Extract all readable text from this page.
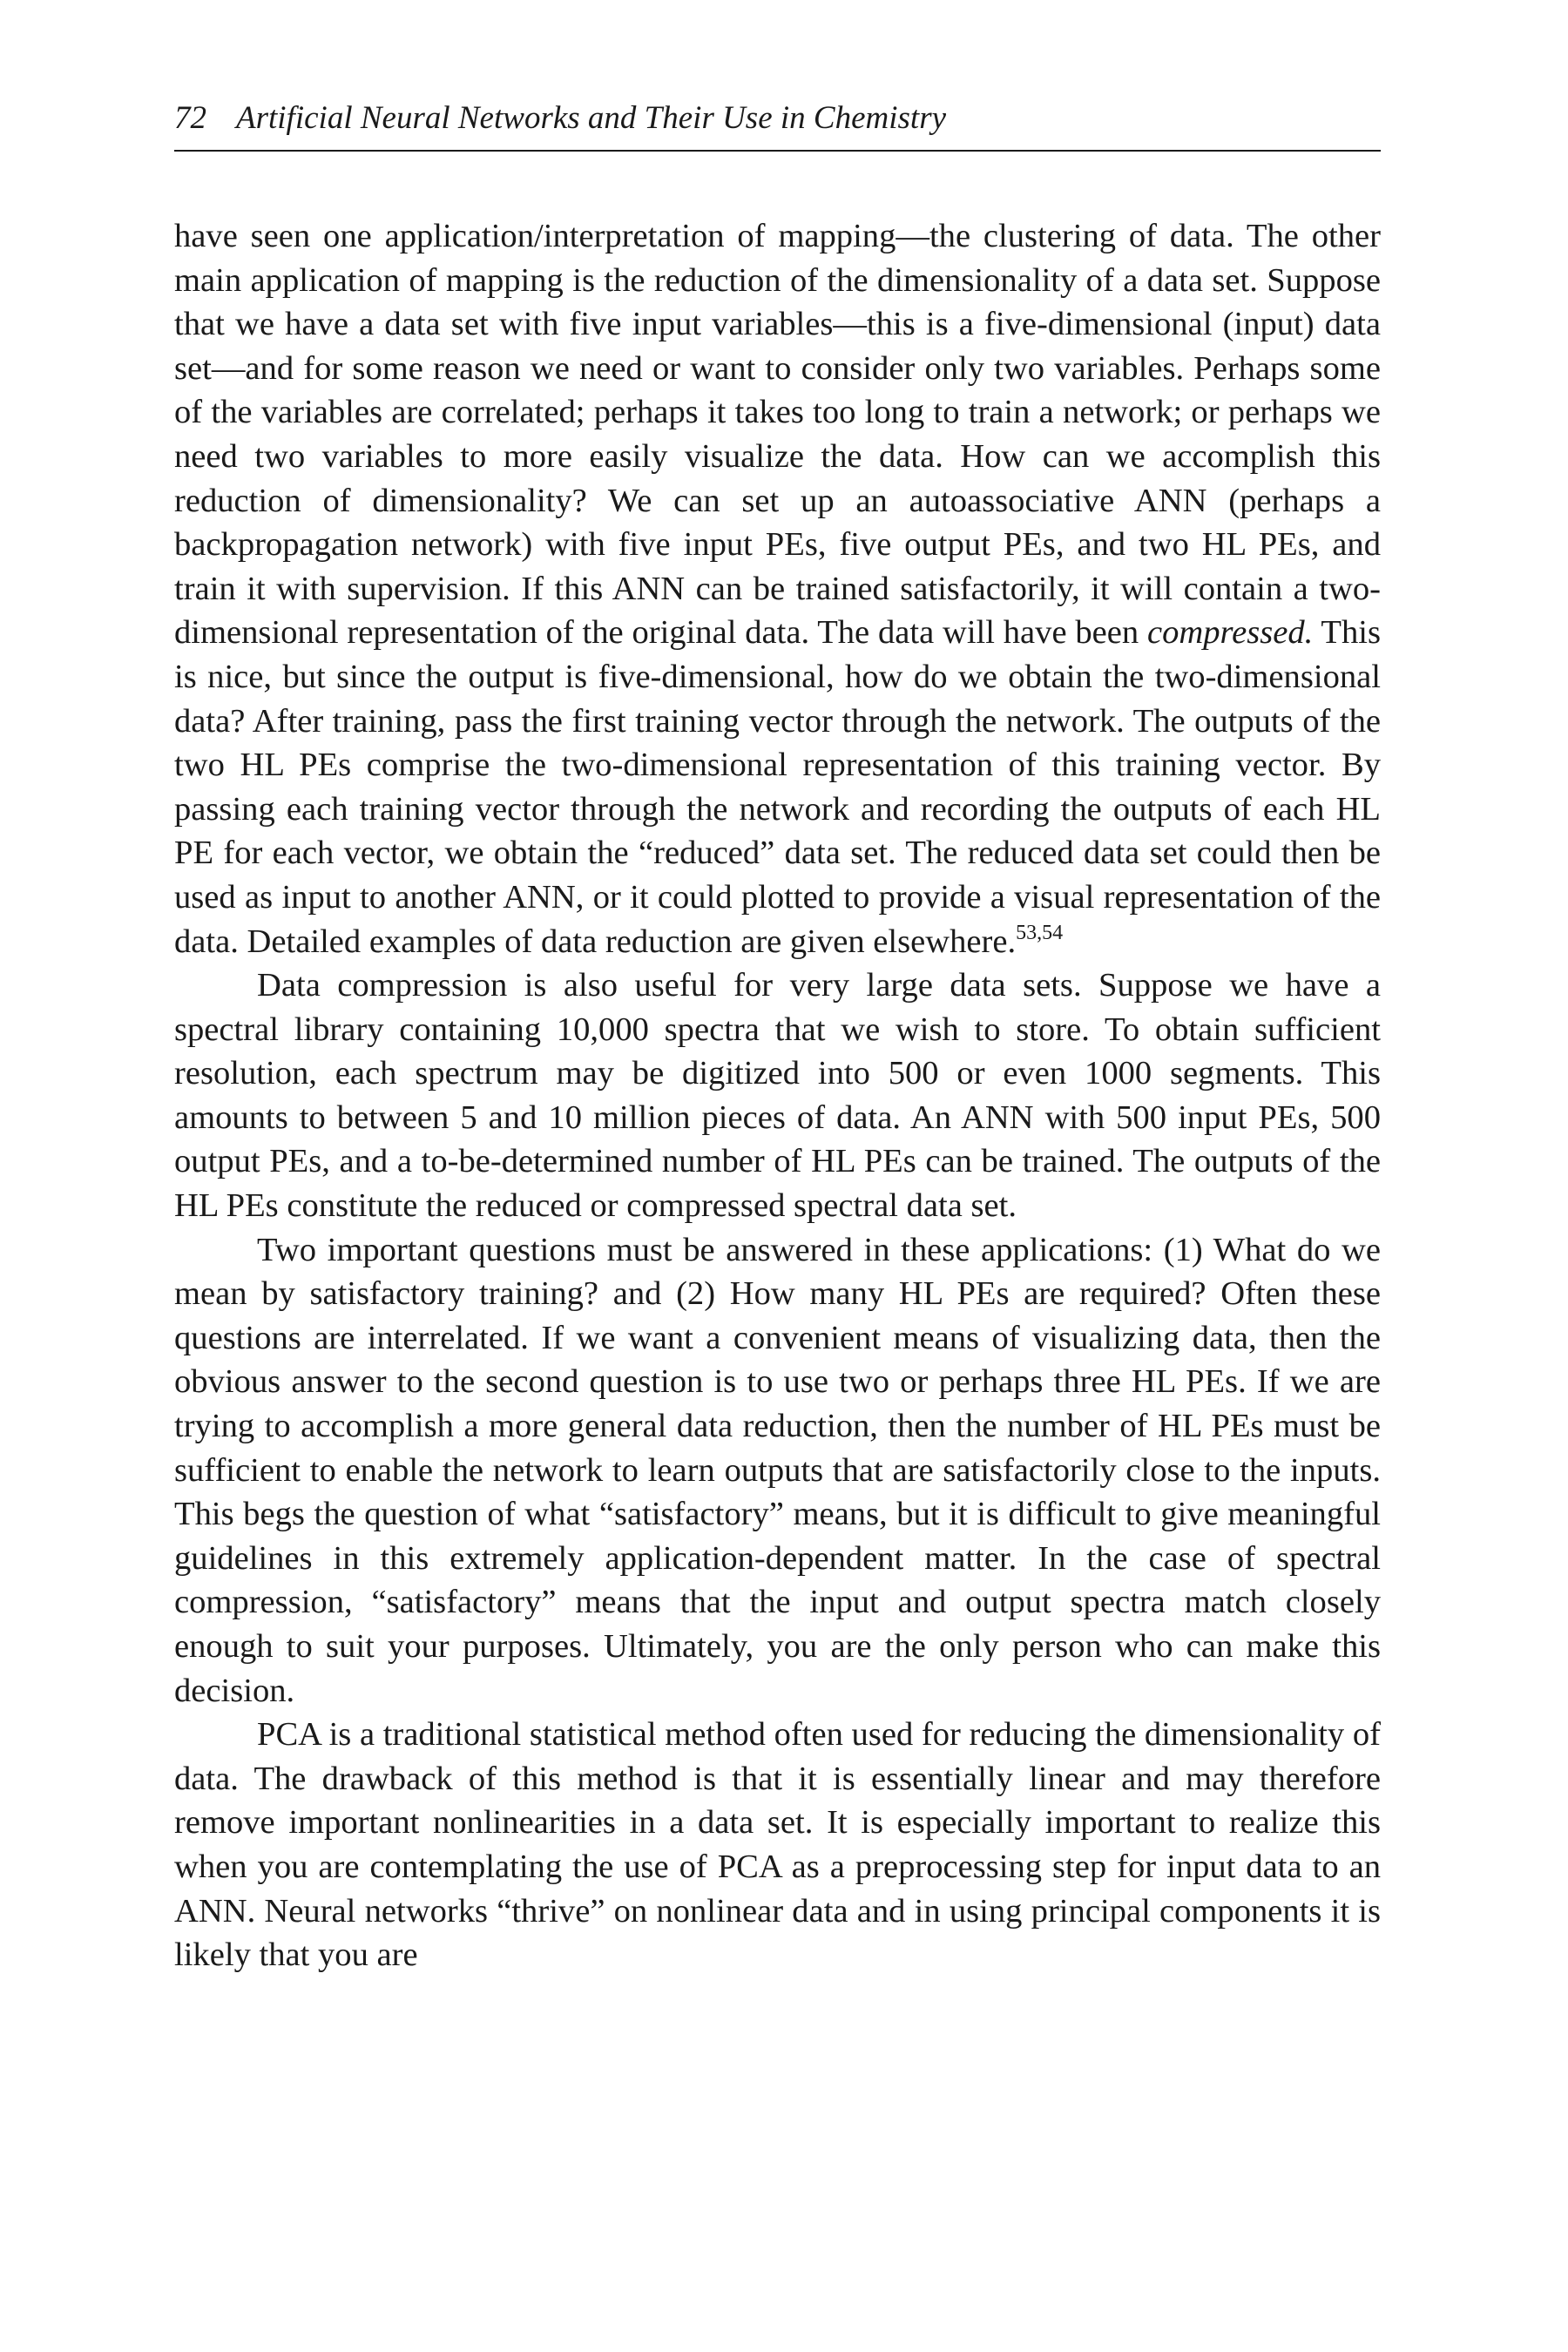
72 Artificial Neural Networks and Their Use in Chemistry

have seen one application/interpretation of mapping—the clustering of data. The other main application of mapping is the reduction of the dimensionality of a data set. Suppose that we have a data set with five input variables—this is a five-dimensional (input) data set—and for some reason we need or want to consider only two variables. Perhaps some of the variables are correlated; perhaps it takes too long to train a network; or perhaps we need two variables to more easily visualize the data. How can we accomplish this reduction of dimensionality? We can set up an autoassociative ANN (perhaps a backpropagation network) with five input PEs, five output PEs, and two HL PEs, and train it with supervision. If this ANN can be trained satisfactorily, it will contain a two-dimensional representation of the original data. The data will have been compressed. This is nice, but since the output is five-dimensional, how do we obtain the two-dimensional data? After training, pass the first training vector through the network. The outputs of the two HL PEs comprise the two-dimensional representation of this training vector. By passing each training vector through the network and recording the outputs of each HL PE for each vector, we obtain the “reduced” data set. The reduced data set could then be used as input to another ANN, or it could plotted to provide a visual representation of the data. Detailed examples of data reduction are given elsewhere.$^{53,54}$

Data compression is also useful for very large data sets. Suppose we have a spectral library containing 10,000 spectra that we wish to store. To obtain sufficient resolution, each spectrum may be digitized into 500 or even 1000 segments. This amounts to between 5 and 10 million pieces of data. An ANN with 500 input PEs, 500 output PEs, and a to-be-determined number of HL PEs can be trained. The outputs of the HL PEs constitute the reduced or compressed spectral data set.

Two important questions must be answered in these applications: (1) What do we mean by satisfactory training? and (2) How many HL PEs are required? Often these questions are interrelated. If we want a convenient means of visualizing data, then the obvious answer to the second question is to use two or perhaps three HL PEs. If we are trying to accomplish a more general data reduction, then the number of HL PEs must be sufficient to enable the network to learn outputs that are satisfactorily close to the inputs. This begs the question of what “satisfactory” means, but it is difficult to give meaningful guidelines in this extremely application-dependent matter. In the case of spectral compression, “satisfactory” means that the input and output spectra match closely enough to suit your purposes. Ultimately, you are the only person who can make this decision.

PCA is a traditional statistical method often used for reducing the dimensionality of data. The drawback of this method is that it is essentially linear and may therefore remove important nonlinearities in a data set. It is especially important to realize this when you are contemplating the use of PCA as a preprocessing step for input data to an ANN. Neural networks “thrive” on nonlinear data and in using principal components it is likely that you are
